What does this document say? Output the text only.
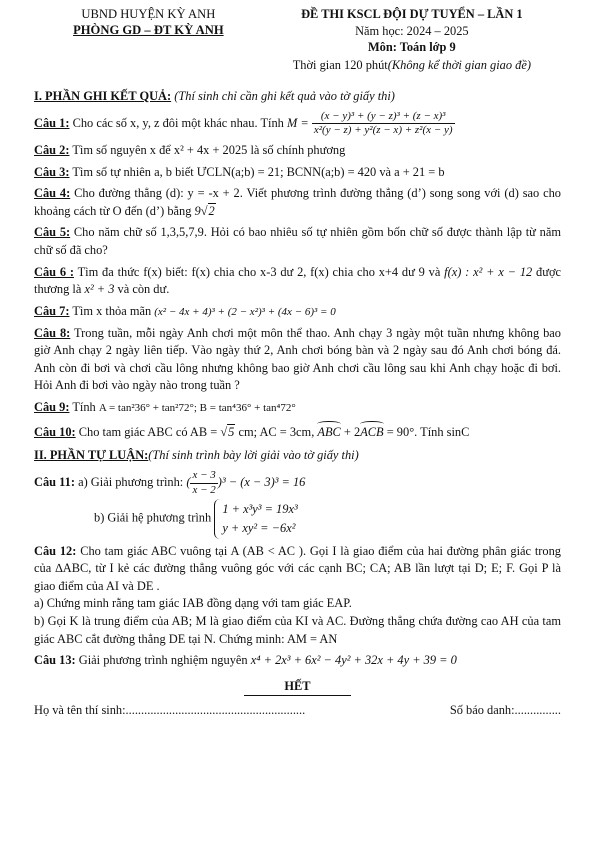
UBND HUYỆN KỲ ANH
PHÒNG GD – ĐT KỲ ANH
ĐỀ THI KSCL ĐỘI DỰ TUYỂN – LẦN 1
Năm học: 2024 – 2025
Môn: Toán lớp 9
Thời gian 120 phút(Không kể thời gian giao đề)
I. PHẦN GHI KẾT QUẢ: (Thí sinh chỉ cần ghi kết quả vào tờ giấy thi)
Câu 1: Cho các số x, y, z đôi một khác nhau. Tính $M = \frac{\text{(x − y)³ + (y − z)³ + (z − x)³}}{\text{x²(y − z) + y²(z − x) + z²(x − y)}}$
Câu 2: Tìm số nguyên x để x² + 4x + 2025 là số chính phương
Câu 3: Tìm số tự nhiên a, b biết ƯCLN(a;b) = 21; BCNN(a;b) = 420 và a + 21 = b
Câu 4: Cho đường thẳng (d): y = -x + 2. Viết phương trình đường thẳng (d’) song song với (d) sao cho khoảng cách từ O đến (d’) bằng 9√2
Câu 5: Cho năm chữ số 1,3,5,7,9. Hỏi có bao nhiêu số tự nhiên gồm bốn chữ số được thành lập từ năm chữ số đã cho?
Câu 6 : Tìm đa thức f(x) biết: f(x) chia cho x-3 dư 2, f(x) chia cho x+4 dư 9 và f(x) : x² + x − 12 được thương là x² + 3 và còn dư.
Câu 7: Tìm x thỏa mãn (x² − 4x + 4)³ + (2 − x²)³ + (4x − 6)³ = 0
Câu 8: Trong tuần, mỗi ngày Anh chơi một môn thể thao. Anh chạy 3 ngày một tuần nhưng không bao giờ Anh chạy 2 ngày liên tiếp. Vào ngày thứ 2, Anh chơi bóng bàn và 2 ngày sau đó Anh chơi bóng đá. Anh còn đi bơi và chơi cầu lông nhưng không bao giờ Anh chơi cầu lông sau khi Anh chạy hoặc đi bơi. Hỏi Anh đi bơi vào ngày nào trong tuần ?
Câu 9: Tính A = tan²36° + tan²72°; B = tan⁴36° + tan⁴72°
Câu 10: Cho tam giác ABC có AB = √5 cm; AC = 3cm, ABC + 2ACB = 90°. Tính sinC
II. PHẦN TỰ LUẬN:(Thí sinh trình bày lời giải vào tờ giấy thi)
Câu 11: a) Giải phương trình: ( $\frac{x - 3}{x - 2} )^3 - (x - 3)^3 = 16$
b) Giải hệ phương trình
1 + x³y³ = 19x³
y + xy² = −6x²
Câu 12: Cho tam giác ABC vuông tại A (AB < AC ). Gọi I là giao điểm của hai đường phân giác trong của ∆ABC, từ I kẻ các đường thẳng vuông góc với các cạnh BC; CA; AB lần lượt tại D; E; F. Gọi P là giao điểm của AI và DE .
a) Chứng minh rằng tam giác IAB đồng dạng với tam giác EAP.
b) Gọi K là trung điểm của AB; M là giao điểm của KI và AC. Đường thẳng chứa đường cao AH của tam giác ABC cắt đường thẳng DE tại N. Chứng minh: AM = AN
Câu 13: Giải phương trình nghiệm nguyên x⁴ + 2x³ + 6x² − 4y² + 32x + 4y + 39 = 0
HẾT
Họ và tên thí sinh:..........................................................	Số báo danh:...............
